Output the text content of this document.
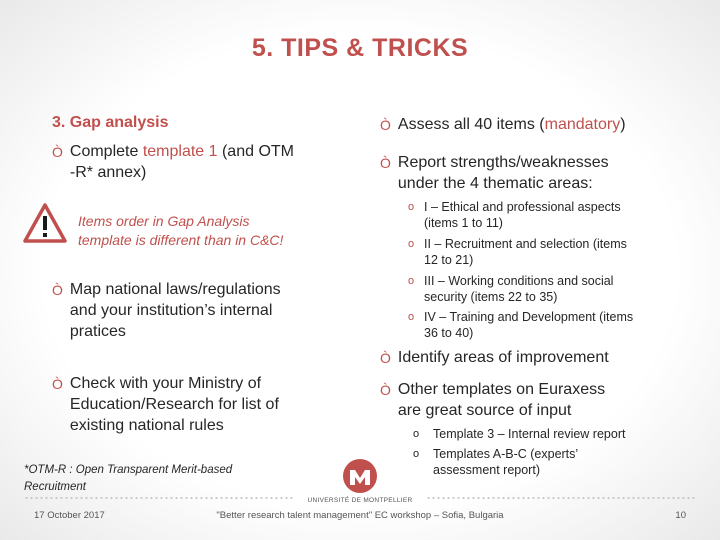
5. TIPS & TRICKS
3. Gap analysis
Ò Complete template 1 (and OTM
-R* annex)
Items order in Gap Analysis
template is different than in C&C!
Ò Map national laws/regulations
and your institution’s internal
pratices
Ò Check with your Ministry of
Education/Research for list of
existing national rules
*OTM-R : Open Transparent Merit-based
Recruitment
Ò Assess all 40 items (mandatory)
Ò Report strengths/weaknesses
under the 4 thematic areas:
o I – Ethical and professional aspects
(items 1 to 11)
o II – Recruitment and selection (items
12 to 21)
o III – Working conditions and social
security (items 22 to 35)
o IV – Training and Development (items
36 to 40)
Ò Identify areas of improvement
Ò Other templates on Euraxess
are great source of input
o Template 3 – Internal review report
o Templates A-B-C (experts’
assessment report)
UNIVERSITÉ DE MONTPELLIER
17 October 2017	"Better research talent management" EC workshop – Sofia, Bulgaria	10
